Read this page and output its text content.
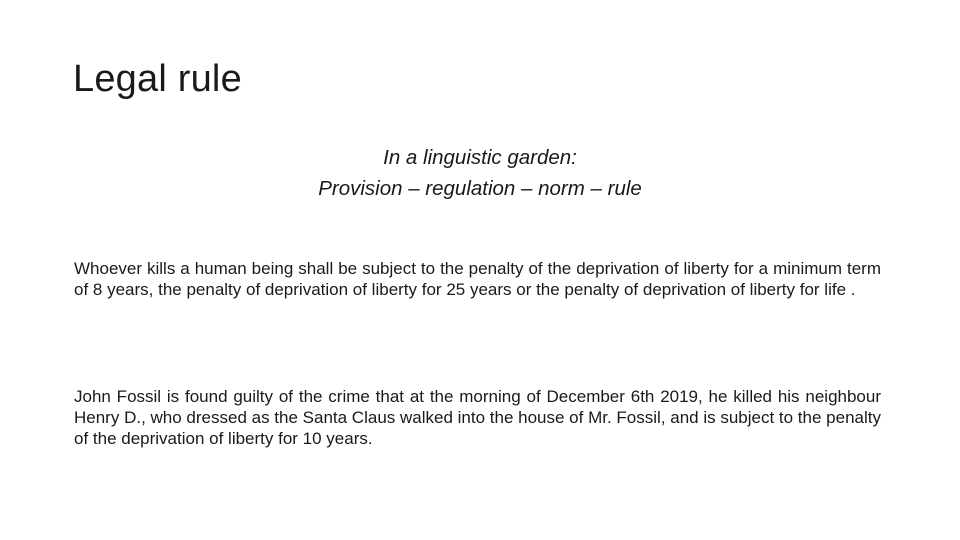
Legal rule

In a linguistic garden:

Provision – regulation – norm – rule

Whoever kills a human being shall be subject to the penalty of the deprivation of liberty for a minimum term of 8 years, the penalty of deprivation of liberty for 25 years or the penalty of deprivation of liberty for life .

John Fossil is found guilty of the crime that at the morning of December 6th 2019, he killed his neighbour Henry D., who dressed as the Santa Claus walked into the house of Mr. Fossil, and is subject to the penalty of the deprivation of liberty for 10 years.
